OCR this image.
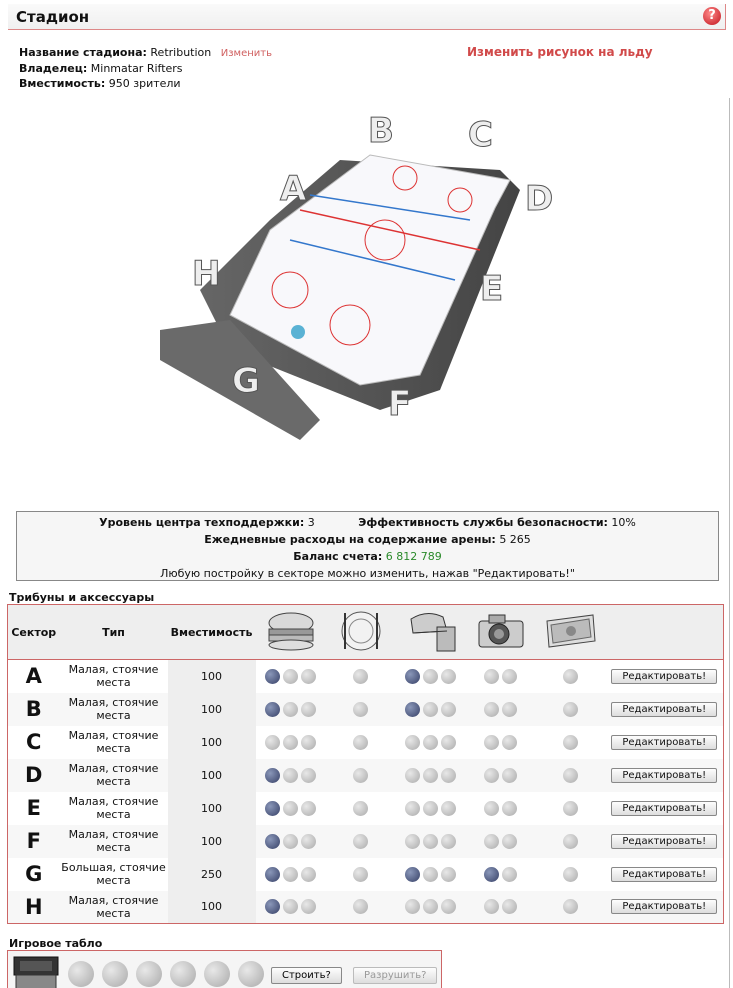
Стадион	?
Название стадиона: Retribution Изменить
Владелец: Minmatar Rifters
Вместимость: 950 зрители
Изменить рисунок на льду
A
B C
D
E
F
G
H
Уровень центра техподдержки: 3	Эффективность службы безопасности: 10%
Ежедневные расходы на содержание арены: 5 265
Баланс счета: 6 812 789
Любую постройку в секторе можно изменить, нажав "Редактировать!"
Трибуны и аксессуары
Сектор	Тип	Вместимость						
A	Малая, стоячие места	100						Редактировать!
B	Малая, стоячие места	100						Редактировать!
C	Малая, стоячие места	100						Редактировать!
D	Малая, стоячие места	100						Редактировать!
E	Малая, стоячие места	100						Редактировать!
F	Малая, стоячие места	100						Редактировать!
G	Большая, стоячие места	250						Редактировать!
H	Малая, стоячие места	100						Редактировать!
Игровое табло
Строить?	Разрушить?
